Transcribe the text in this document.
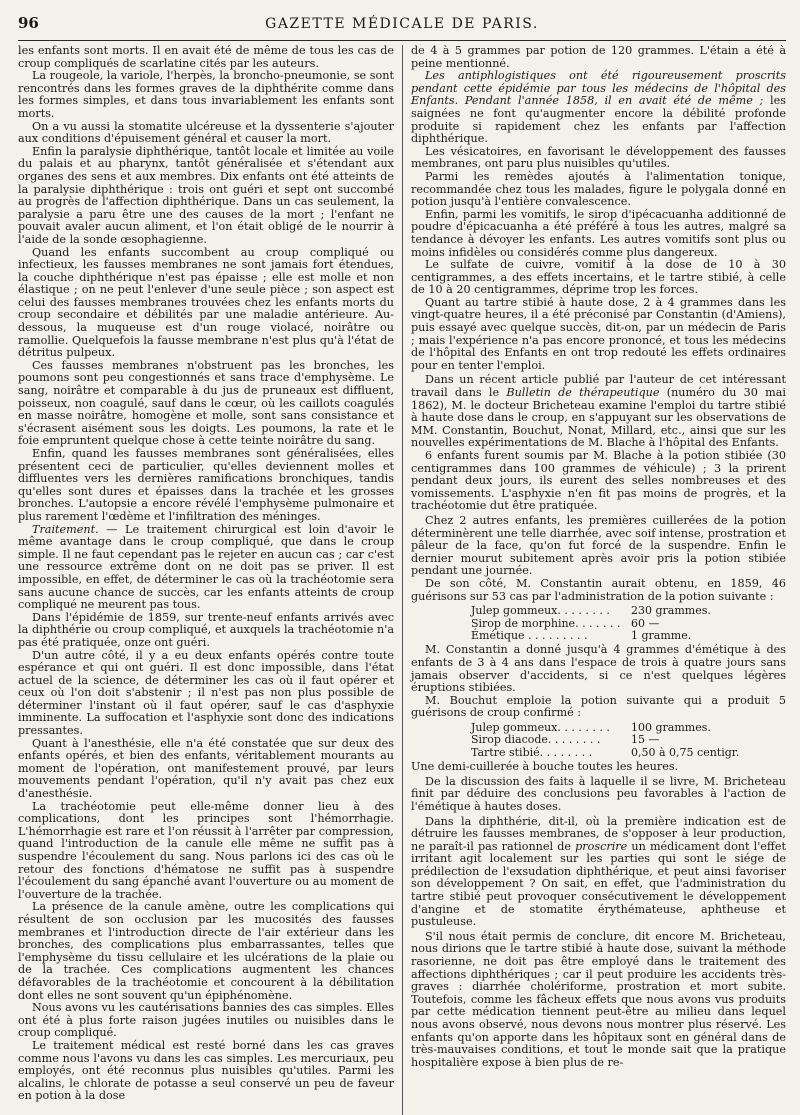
96	GAZETTE MÉDICALE DE PARIS.

les enfants sont morts. Il en avait été de même de tous les cas de croup compliqués de scarlatine cités par les auteurs.

La rougeole, la variole, l'herpès, la broncho-pneumonie, se sont rencontrés dans les formes graves de la diphthérite comme dans les formes simples, et dans tous invariablement les enfants sont morts.

On a vu aussi la stomatite ulcéreuse et la dyssenterie s'ajouter aux conditions d'épuisement général et causer la mort.

Enfin la paralysie diphthérique, tantôt locale et limitée au voile du palais et au pharynx, tantôt généralisée et s'étendant aux organes des sens et aux membres. Dix enfants ont été atteints de la paralysie diphthérique : trois ont guéri et sept ont succombé au progrès de l'affection diphthérique. Dans un cas seulement, la paralysie a paru être une des causes de la mort ; l'enfant ne pouvait avaler aucun aliment, et l'on était obligé de le nourrir à l'aide de la sonde œsophagienne.

Quand les enfants succombent au croup compliqué ou infectieux, les fausses membranes ne sont jamais fort étendues, la couche diphthérique n'est pas épaisse ; elle est molle et non élastique ; on ne peut l'enlever d'une seule pièce ; son aspect est celui des fausses membranes trouvées chez les enfants morts du croup secondaire et débilités par une maladie antérieure. Au-dessous, la muqueuse est d'un rouge violacé, noirâtre ou ramollie. Quelquefois la fausse membrane n'est plus qu'à l'état de détritus pulpeux.

Ces fausses membranes n'obstruent pas les bronches, les poumons sont peu congestionnés et sans trace d'emphysème. Le sang, noirâtre et comparable à du jus de pruneaux est diffluent, poisseux, non coagulé, sauf dans le cœur, où les caillots coagulés en masse noirâtre, homogène et molle, sont sans consistance et s'écrasent aisément sous les doigts. Les poumons, la rate et le foie empruntent quelque chose à cette teinte noirâtre du sang.

Enfin, quand les fausses membranes sont généralisées, elles présentent ceci de particulier, qu'elles deviennent molles et diffluentes vers les dernières ramifications bronchiques, tandis qu'elles sont dures et épaisses dans la trachée et les grosses bronches. L'autopsie a encore révélé l'emphysème pulmonaire et plus rarement l'œdème et l'infiltration des méninges.

Traitement. — Le traitement chirurgical est loin d'avoir le même avantage dans le croup compliqué, que dans le croup simple. Il ne faut cependant pas le rejeter en aucun cas ; car c'est une ressource extrême dont on ne doit pas se priver. Il est impossible, en effet, de déterminer le cas où la trachéotomie sera sans aucune chance de succès, car les enfants atteints de croup compliqué ne meurent pas tous.

Dans l'épidémie de 1859, sur trente-neuf enfants arrivés avec la diphthérie ou croup compliqué, et auxquels la trachéotomie n'a pas été pratiquée, onze ont guéri.

D'un autre côté, il y a eu deux enfants opérés contre toute espérance et qui ont guéri. Il est donc impossible, dans l'état actuel de la science, de déterminer les cas où il faut opérer et ceux où l'on doit s'abstenir ; il n'est pas non plus possible de déterminer l'instant où il faut opérer, sauf le cas d'asphyxie imminente. La suffocation et l'asphyxie sont donc des indications pressantes.

Quant à l'anesthésie, elle n'a été constatée que sur deux des enfants opérés, et bien des enfants, véritablement mourants au moment de l'opération, ont manifestement prouvé, par leurs mouvements pendant l'opération, qu'il n'y avait pas chez eux d'anesthésie.

La trachéotomie peut elle-même donner lieu à des complications, dont les principes sont l'hémorrhagie. L'hémorrhagie est rare et l'on réussit à l'arrêter par compression, quand l'introduction de la canule elle même ne suffit pas à suspendre l'écoulement du sang. Nous parlons ici des cas où le retour des fonctions d'hématose ne suffit pas à suspendre l'écoulement du sang épanché avant l'ouverture ou au moment de l'ouverture de la trachée.

La présence de la canule amène, outre les complications qui résultent de son occlusion par les mucosités des fausses membranes et l'introduction directe de l'air extérieur dans les bronches, des complications plus embarrassantes, telles que l'emphysème du tissu cellulaire et les ulcérations de la plaie ou de la trachée. Ces complications augmentent les chances défavorables de la trachéotomie et concourent à la débilitation dont elles ne sont souvent qu'un épiphénomène.

Nous avons vu les cautérisations bannies des cas simples. Elles ont été à plus forte raison jugées inutiles ou nuisibles dans le croup compliqué.

Le traitement médical est resté borné dans les cas graves comme nous l'avons vu dans les cas simples. Les mercuriaux, peu employés, ont été reconnus plus nuisibles qu'utiles. Parmi les alcalins, le chlorate de potasse a seul conservé un peu de faveur en potion à la dose

de 4 à 5 grammes par potion de 120 grammes. L'étain a été à peine mentionné.

Les antiphlogistiques ont été rigoureusement proscrits pendant cette épidémie par tous les médecins de l'hôpital des Enfants. Pendant l'année 1858, il en avait été de même ; les saignées ne font qu'augmenter encore la débilité profonde produite si rapidement chez les enfants par l'affection diphthérique.

Les vésicatoires, en favorisant le développement des fausses membranes, ont paru plus nuisibles qu'utiles.

Parmi les remèdes ajoutés à l'alimentation tonique, recommandée chez tous les malades, figure le polygala donné en potion jusqu'à l'entière convalescence.

Enfin, parmi les vomitifs, le sirop d'ipécacuanha additionné de poudre d'épicacuanha a été préféré à tous les autres, malgré sa tendance à dévoyer les enfants. Les autres vomitifs sont plus ou moins infidèles ou considérés comme plus dangereux.

Le sulfate de cuivre, vomitif à la dose de 10 à 30 centigrammes, a des effets incertains, et le tartre stibié, à celle de 10 à 20 centigrammes, déprime trop les forces.

Quant au tartre stibié à haute dose, 2 à 4 grammes dans les vingt-quatre heures, il a été préconisé par Constantin (d'Amiens), puis essayé avec quelque succès, dit-on, par un médecin de Paris ; mais l'expérience n'a pas encore prononcé, et tous les médecins de l'hôpital des Enfants en ont trop redouté les effets ordinaires pour en tenter l'emploi.

Dans un récent article publié par l'auteur de cet intéressant travail dans le Bulletin de thérapeutique (numéro du 30 mai 1862), M. le docteur Bricheteau examine l'emploi du tartre stibié à haute dose dans le croup, en s'appuyant sur les observations de MM. Constantin, Bouchut, Nonat, Millard, etc., ainsi que sur les nouvelles expérimentations de M. Blache à l'hôpital des Enfants.

6 enfants furent soumis par M. Blache à la potion stibiée (30 centigrammes dans 100 grammes de véhicule) ; 3 la prirent pendant deux jours, ils eurent des selles nombreuses et des vomissements. L'asphyxie n'en fit pas moins de progrès, et la trachéotomie dut être pratiquée.

Chez 2 autres enfants, les premières cuillerées de la potion déterminèrent une telle diarrhée, avec soif intense, prostration et pâleur de la face, qu'on fut forcé de la suspendre. Enfin le dernier mourut subitement après avoir pris la potion stibiée pendant une journée.

De son côté, M. Constantin aurait obtenu, en 1859, 46 guérisons sur 53 cas par l'administration de la potion suivante :

Julep gommeux. . . . . . . .	230 grammes.
Sirop de morphine. . . . . . . 60 —
Émétique . . . . . . . . .	1 gramme.

M. Constantin a donné jusqu'à 4 grammes d'émétique à des enfants de 3 à 4 ans dans l'espace de trois à quatre jours sans jamais observer d'accidents, si ce n'est quelques légères éruptions stibiées.

M. Bouchut emploie la potion suivante qui a produit 5 guérisons de croup confirmé :

Julep gommeux. . . . . . . .	100 grammes.
Sirop diacode. . . . . . . .	15 —
Tartre stibié. . . . . . . .	0,50 à 0,75 centigr.

Une demi-cuillerée à bouche toutes les heures.

De la discussion des faits à laquelle il se livre, M. Bricheteau finit par déduire des conclusions peu favorables à l'action de l'émétique à hautes doses.

Dans la diphthérie, dit-il, où la première indication est de détruire les fausses membranes, de s'opposer à leur production, ne paraît-il pas rationnel de proscrire un médicament dont l'effet irritant agit localement sur les parties qui sont le siége de prédilection de l'exsudation diphthérique, et peut ainsi favoriser son développement ? On sait, en effet, que l'administration du tartre stibié peut provoquer consécutivement le développement d'angine et de stomatite érythémateuse, aphtheuse et pustuleuse.

S'il nous était permis de conclure, dit encore M. Bricheteau, nous dirions que le tartre stibié à haute dose, suivant la méthode rasorienne, ne doit pas être employé dans le traitement des affections diphthériques ; car il peut produire les accidents très-graves : diarrhée cholériforme, prostration et mort subite. Toutefois, comme les fâcheux effets que nous avons vus produits par cette médication tiennent peut-être au milieu dans lequel nous avons observé, nous devons nous montrer plus réservé. Les enfants qu'on apporte dans les hôpitaux sont en général dans de très-mauvaises conditions, et tout le monde sait que la pratique hospitalière expose à bien plus de re-
